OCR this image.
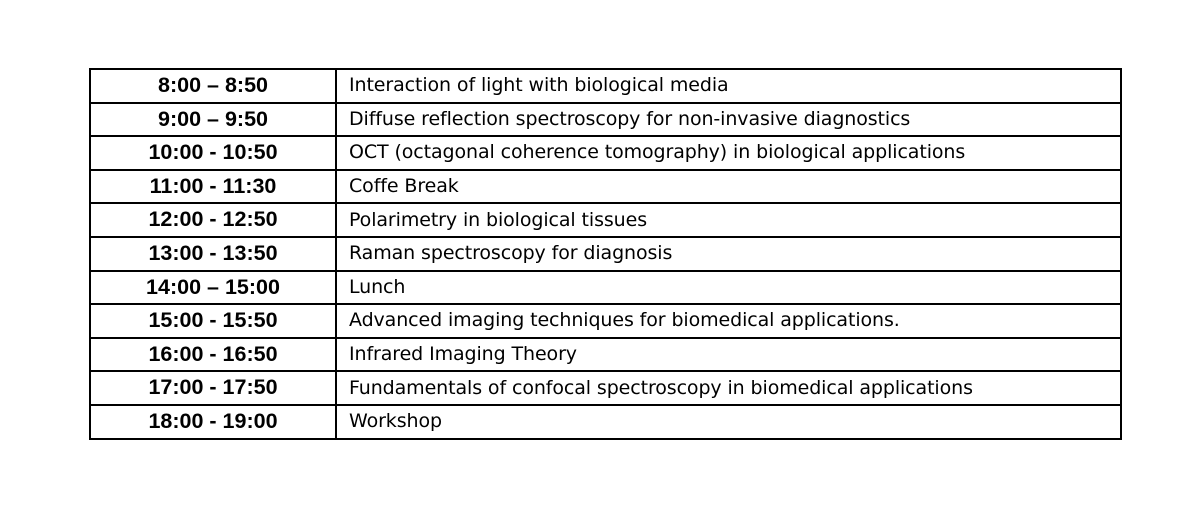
8:00 – 8:50	Interaction of light with biological media
9:00 – 9:50	Diffuse reflection spectroscopy for non-invasive diagnostics
10:00 - 10:50	OCT (octagonal coherence tomography) in biological applications
11:00 - 11:30	Coffe Break
12:00 - 12:50	Polarimetry in biological tissues
13:00 - 13:50	Raman spectroscopy for diagnosis
14:00 – 15:00	Lunch
15:00 - 15:50	Advanced imaging techniques for biomedical applications.
16:00 - 16:50	Infrared Imaging Theory
17:00 - 17:50	Fundamentals of confocal spectroscopy in biomedical applications
18:00 - 19:00	Workshop
